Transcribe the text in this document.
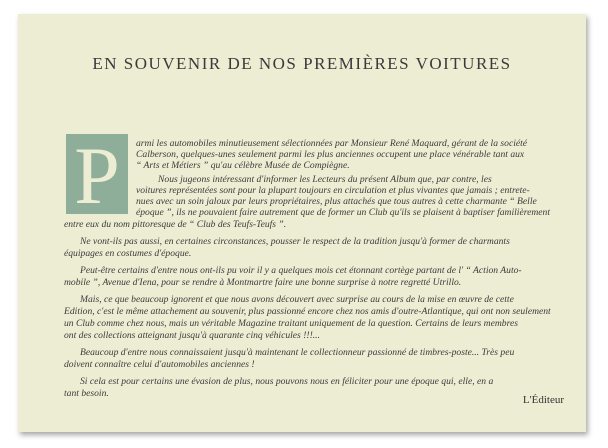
EN SOUVENIR DE NOS PREMIÈRES VOITURES
P	armi les automobiles minutieusement sélectionnées par Monsieur René Maquard, gérant de la société
Calberson, quelques-unes seulement parmi les plus anciennes occupent une place vénérable tant aux
“ Arts et Métiers ” qu'au célèbre Musée de Compiègne.
Nous jugeons intéressant d'informer les Lecteurs du présent Album que, par contre, les
voitures représentées sont pour la plupart toujours en circulation et plus vivantes que jamais ; entrete-
nues avec un soin jaloux par leurs propriétaires, plus attachés que tous autres à cette charmante “ Belle
époque ”, ils ne pouvaient faire autrement que de former un Club qu'ils se plaisent à baptiser familièrement
entre eux du nom pittoresque de “ Club des Teufs-Teufs ”.
Ne vont-ils pas aussi, en certaines circonstances, pousser le respect de la tradition jusqu'à former de charmants
équipages en costumes d'époque.
Peut-être certains d'entre nous ont-ils pu voir il y a quelques mois cet étonnant cortège partant de l' “ Action Auto-
mobile ”, Avenue d'Iena, pour se rendre à Montmartre faire une bonne surprise à notre regretté Utrillo.
Mais, ce que beaucoup ignorent et que nous avons découvert avec surprise au cours de la mise en œuvre de cette
Edition, c'est le même attachement au souvenir, plus passionné encore chez nos amis d'outre-Atlantique, qui ont non seulement
un Club comme chez nous, mais un véritable Magazine traitant uniquement de la question. Certains de leurs membres
ont des collections atteignant jusqu'à quarante cinq véhicules !!!...
Beaucoup d'entre nous connaissaient jusqu'à maintenant le collectionneur passionné de timbres-poste... Très peu
doivent connaître celui d'automobiles anciennes !
Si cela est pour certains une évasion de plus, nous pouvons nous en féliciter pour une époque qui, elle, en a
tant besoin.
L'Éditeur
